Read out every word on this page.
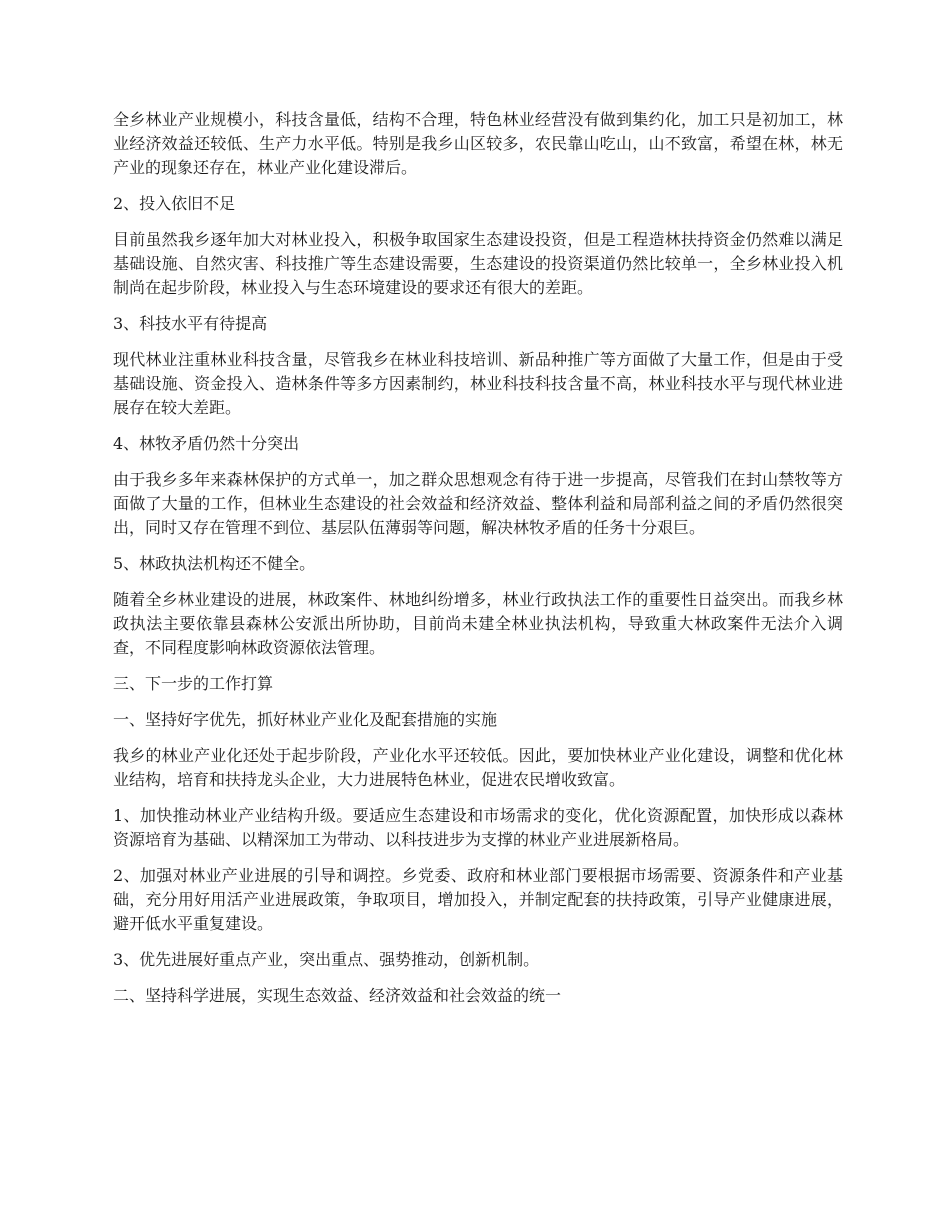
全乡林业产业规模小，科技含量低，结构不合理，特色林业经营没有做到集约化，加工只是初加工，林业经济效益还较低、生产力水平低。特别是我乡山区较多，农民靠山吃山，山不致富，希望在林，林无产业的现象还存在，林业产业化建设滞后。

2、投入依旧不足

目前虽然我乡逐年加大对林业投入，积极争取国家生态建设投资，但是工程造林扶持资金仍然难以满足基础设施、自然灾害、科技推广等生态建设需要，生态建设的投资渠道仍然比较单一，全乡林业投入机制尚在起步阶段，林业投入与生态环境建设的要求还有很大的差距。

3、科技水平有待提高

现代林业注重林业科技含量，尽管我乡在林业科技培训、新品种推广等方面做了大量工作，但是由于受基础设施、资金投入、造林条件等多方因素制约，林业科技科技含量不高，林业科技水平与现代林业进展存在较大差距。

4、林牧矛盾仍然十分突出

由于我乡多年来森林保护的方式单一，加之群众思想观念有待于进一步提高，尽管我们在封山禁牧等方面做了大量的工作，但林业生态建设的社会效益和经济效益、整体利益和局部利益之间的矛盾仍然很突出，同时又存在管理不到位、基层队伍薄弱等问题，解决林牧矛盾的任务十分艰巨。

5、林政执法机构还不健全。

随着全乡林业建设的进展，林政案件、林地纠纷增多，林业行政执法工作的重要性日益突出。而我乡林政执法主要依靠县森林公安派出所协助，目前尚未建全林业执法机构，导致重大林政案件无法介入调查，不同程度影响林政资源依法管理。

三、下一步的工作打算

一、坚持好字优先，抓好林业产业化及配套措施的实施

我乡的林业产业化还处于起步阶段，产业化水平还较低。因此，要加快林业产业化建设，调整和优化林业结构，培育和扶持龙头企业，大力进展特色林业，促进农民增收致富。

1、加快推动林业产业结构升级。要适应生态建设和市场需求的变化，优化资源配置，加快形成以森林资源培育为基础、以精深加工为带动、以科技进步为支撑的林业产业进展新格局。

2、加强对林业产业进展的引导和调控。乡党委、政府和林业部门要根据市场需要、资源条件和产业基础，充分用好用活产业进展政策，争取项目，增加投入，并制定配套的扶持政策，引导产业健康进展，避开低水平重复建设。

3、优先进展好重点产业，突出重点、强势推动，创新机制。

二、坚持科学进展，实现生态效益、经济效益和社会效益的统一
